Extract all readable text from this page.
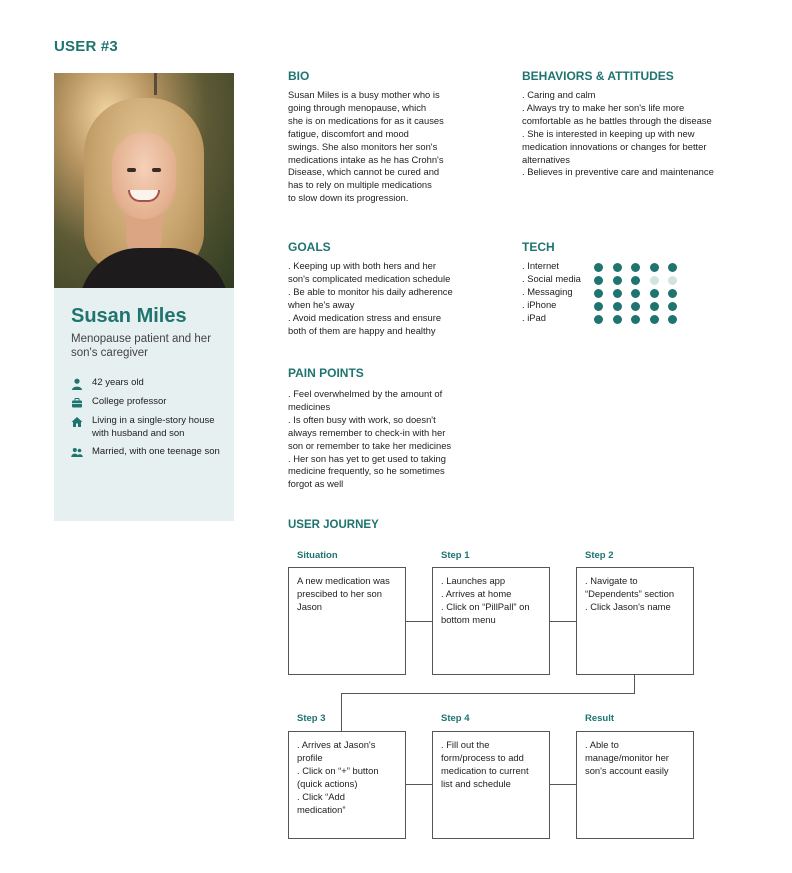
USER #3
Susan Miles
Menopause patient and her son's caregiver
42 years old
College professor
Living in a single-story house with husband and son
Married, with one teenage son
BIO
Susan Miles is a busy mother who is
going through menopause, which
she is on medications for as it causes
fatigue, discomfort and mood
swings. She also monitors her son's
medications intake as he has Crohn's
Disease, which cannot be cured and
has to rely on multiple medications
to slow down its progression.
BEHAVIORS & ATTITUDES
. Caring and calm
. Always try to make her son's life more
comfortable as he battles through the disease
. She is interested in keeping up with new
medication innovations or changes for better
alternatives
. Believes in preventive care and maintenance
GOALS
. Keeping up with both hers and her
son's complicated medication schedule
. Be able to monitor his daily adherence
when he's away
. Avoid medication stress and ensure
both of them are happy and healthy
TECH
. Internet
. Social media
. Messaging
. iPhone
. iPad
PAIN POINTS
. Feel overwhelmed by the amount of
medicines
. Is often busy with work, so doesn't
always remember to check-in with her
son or remember to take her medicines
. Her son has yet to get used to taking
medicine frequently, so he sometimes
forgot as well
USER JOURNEY
Situation	Step 1	Step 2
Step 3	Step 4	Result
A new medication was
prescibed to her son
Jason
. Launches app
. Arrives at home
. Click on “PillPall” on
bottom menu
. Navigate to
“Dependents” section
. Click Jason's name
. Arrives at Jason's
profile
. Click on “+” button
(quick actions)
. Click “Add
medication”
. Fill out the
form/process to add
medication to current
list and schedule
. Able to
manage/monitor her
son's account easily
